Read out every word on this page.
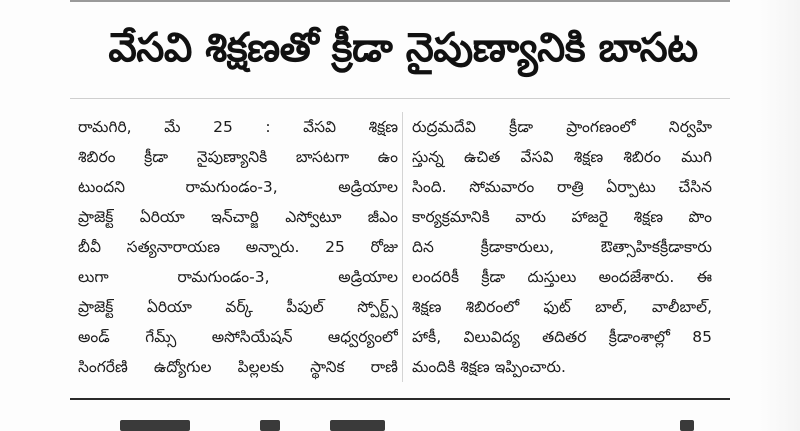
వేసవి శిక్షణతో క్రీడా నైపుణ్యానికి బాసట
రామగిరి, మే 25 : వేసవి శిక్షణ
శిబిరం క్రీడా నైపుణ్యానికి బాసటగా ఉం
టుందని రామగుండం-3, అడ్రియాల
ప్రాజెక్ట్ ఏరియా ఇన్‌చార్జి ఎస్వోటూ జీఎం
బీవీ సత్యనారాయణ అన్నారు. 25 రోజు
లుగా రామగుండం-3, అడ్రియాల
ప్రాజెక్ట్ ఏరియా వర్క్ పీపుల్ స్పోర్ట్స్
అండ్ గేమ్స్ అసోసియేషన్ ఆధ్వర్యంలో
సింగరేణి ఉద్యోగుల పిల్లలకు స్థానిక రాణి
రుద్రమదేవి క్రీడా ప్రాంగణంలో నిర్వహి
స్తున్న ఉచిత వేసవి శిక్షణ శిబిరం ముగి
సింది. సోమవారం రాత్రి ఏర్పాటు చేసిన
కార్యక్రమానికి వారు హాజరై శిక్షణ పొం
దిన క్రీడాకారులు, ఔత్సాహికక్రీడాకారు
లందరికీ క్రీడా దుస్తులు అందజేశారు. ఈ
శిక్షణ శిబిరంలో ఫుట్ బాల్, వాలీబాల్,
హాకీ, విలువిద్య తదితర క్రీడాంశాల్లో 85
మందికి శిక్షణ ఇప్పించారు.
